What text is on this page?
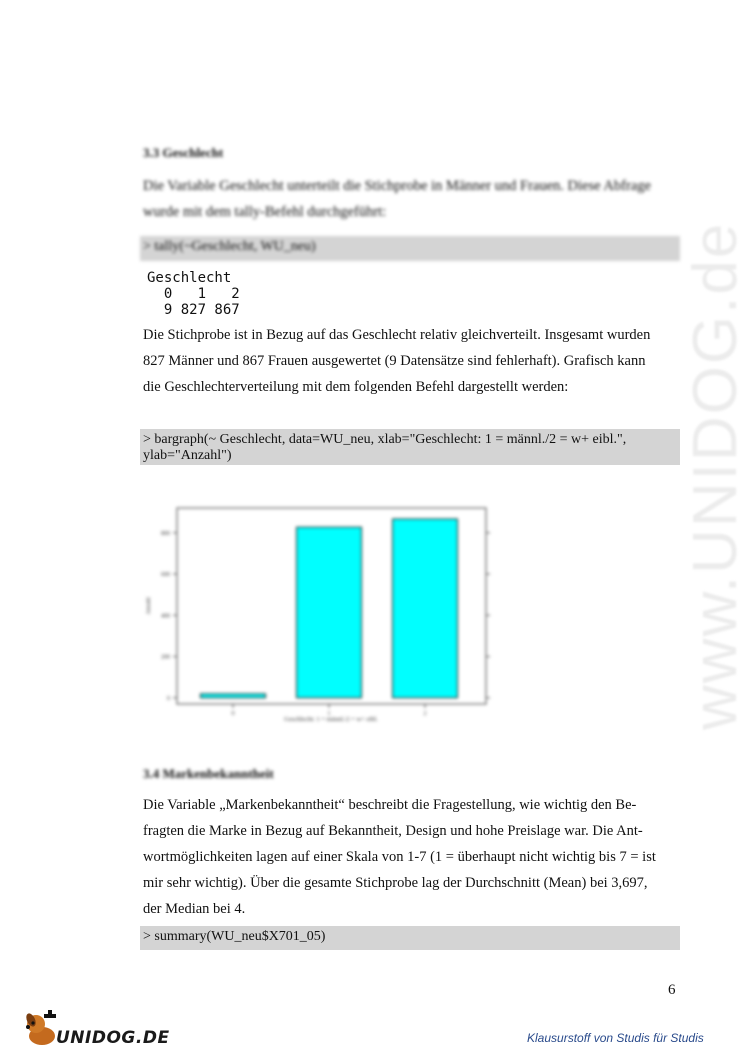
www.UNIDOG.de
3.3 Geschlecht

Die Variable Geschlecht unterteilt die Stichprobe in Männer und Frauen. Diese Abfrage

wurde mit dem tally-Befehl durchgeführt:

> tally(~Geschlecht, WU_neu)
Geschlecht
0   1   2
9 827 867

Die Stichprobe ist in Bezug auf das Geschlecht relativ gleichverteilt. Insgesamt wurden

827 Männer und 867 Frauen ausgewertet (9 Datensätze sind fehlerhaft). Grafisch kann

die Geschlechterverteilung mit dem folgenden Befehl dargestellt werden:

> bargraph(~ Geschlecht, data=WU_neu, xlab="Geschlecht: 1 = männl./2 = w+ eibl.",
ylab="Anzahl")
0
200
400
600
800
0	1	2
Anzahl
Geschlecht: 1 = männl./2 = w+ eibl.
3.4 Markenbekanntheit

Die Variable „Markenbekanntheit“ beschreibt die Fragestellung, wie wichtig den Be-

fragten die Marke in Bezug auf Bekanntheit, Design und hohe Preislage war. Die Ant-

wortmöglichkeiten lagen auf einer Skala von 1-7 (1 = überhaupt nicht wichtig bis 7 = ist

mir sehr wichtig). Über die gesamte Stichprobe lag der Durchschnitt (Mean) bei 3,697,

der Median bei 4.

> summary(WU_neu$X701_05)
6
UNIDOG.DE	Klausurstoff von Studis für Studis
